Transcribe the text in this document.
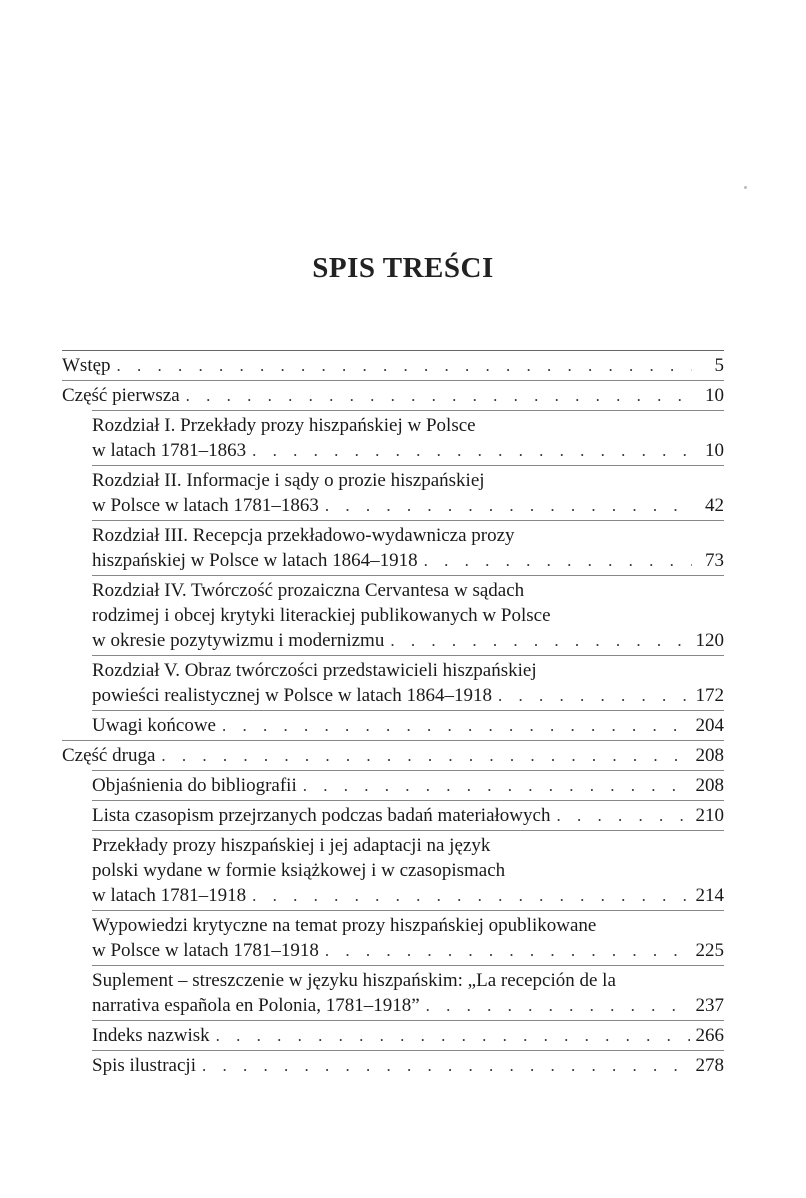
SPIS TREŚCI
Wstęp . . .	5
Część pierwsza . . .	10
Rozdział I. Przekłady prozy hiszpańskiej w Polsce
w latach 1781–1863 . . .	10
Rozdział II. Informacje i sądy o prozie hiszpańskiej
w Polsce w latach 1781–1863 . . .	42
Rozdział III. Recepcja przekładowo-wydawnicza prozy
hiszpańskiej w Polsce w latach 1864–1918 . . .	73
Rozdział IV. Twórczość prozaiczna Cervantesa w sądach
rodzimej i obcej krytyki literackiej publikowanych w Polsce
w okresie pozytywizmu i modernizmu . . .	120
Rozdział V. Obraz twórczości przedstawicieli hiszpańskiej
powieści realistycznej w Polsce w latach 1864–1918 . . .	172
Uwagi końcowe . . .	204
Część druga . . .	208
Objaśnienia do bibliografii . . .	208
Lista czasopism przejrzanych podczas badań materiałowych . . .	210
Przekłady prozy hiszpańskiej i jej adaptacji na język
polski wydane w formie książkowej i w czasopismach
w latach 1781–1918 . . .	214
Wypowiedzi krytyczne na temat prozy hiszpańskiej opublikowane
w Polsce w latach 1781–1918 . . .	225
Suplement – streszczenie w języku hiszpańskim: „La recepción de la
narrativa española en Polonia, 1781–1918” . . .	237
Indeks nazwisk . . .	266
Spis ilustracji . . .	278
